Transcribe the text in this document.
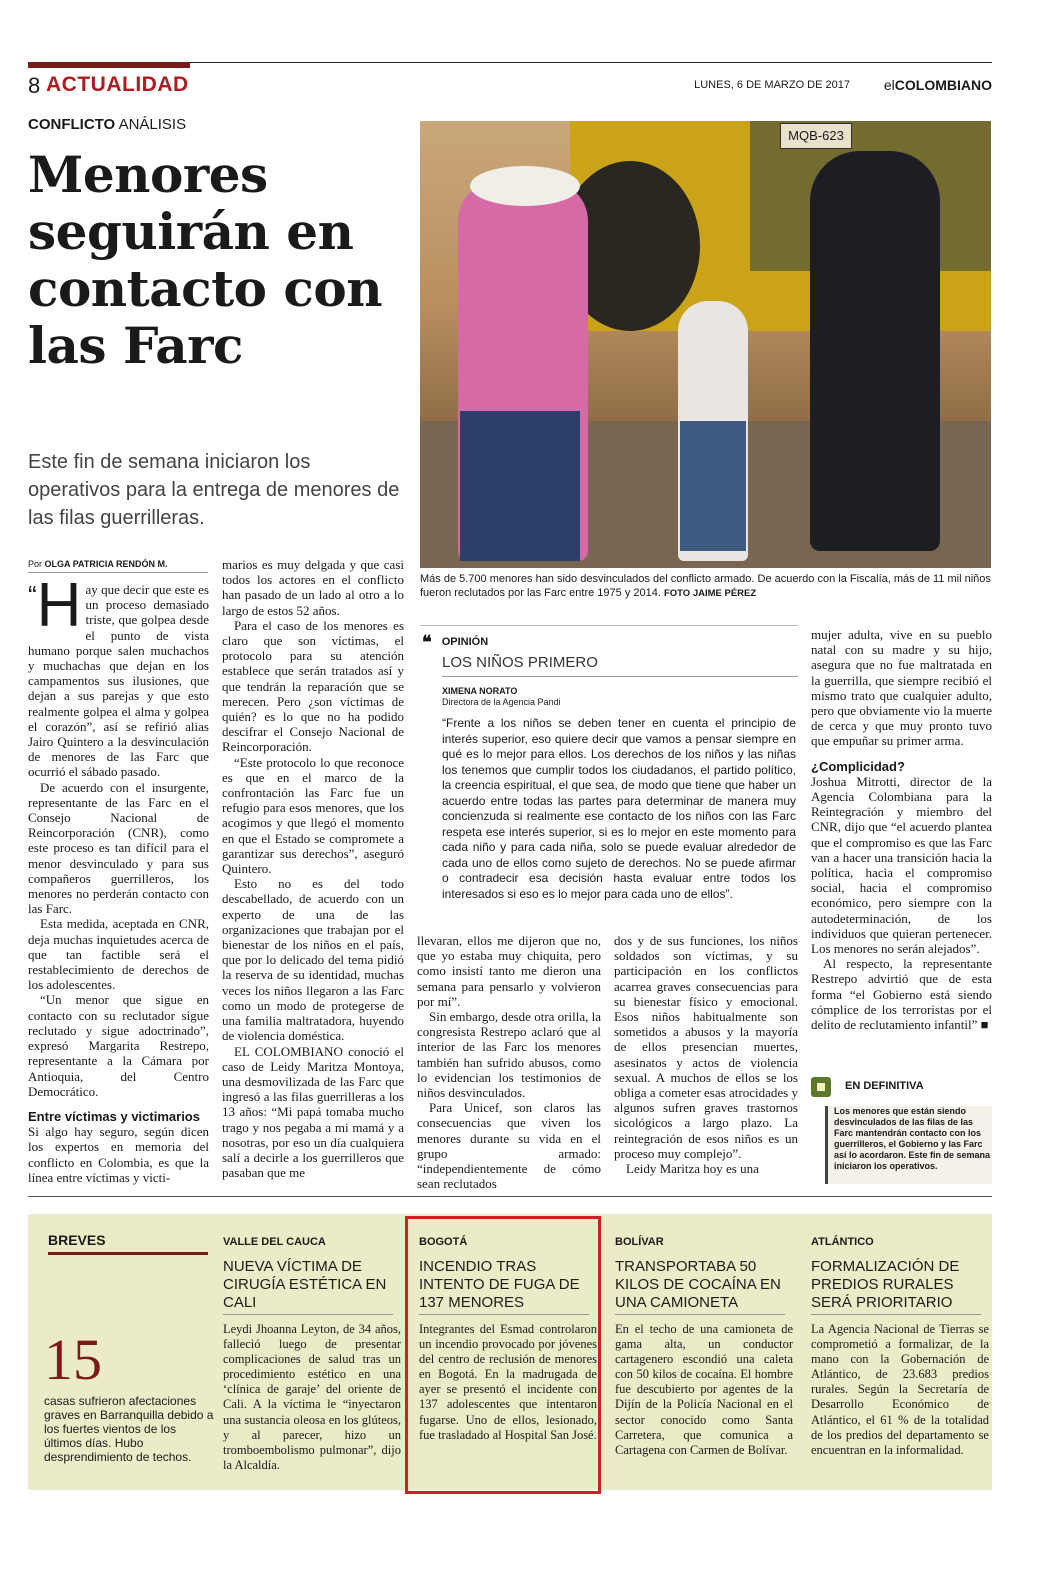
8 ACTUALIDAD	LUNES, 6 DE MARZO DE 2017 elCOLOMBIANO
CONFLICTO ANÁLISIS
Menores seguirán en contacto con las Farc
Este fin de semana iniciaron los operativos para la entrega de menores de las filas guerrilleras.
MQB-623
Más de 5.700 menores han sido desvinculados del conflicto armado. De acuerdo con la Fiscalía, más de 11 mil niños fueron reclutados por las Farc entre 1975 y 2014. FOTO JAIME PÉREZ
Por OLGA PATRICIA RENDÓN M.

“ H ay que decir que este es un proceso demasiado triste, que golpea desde el punto de vista humano porque salen muchachos y muchachas que dejan en los campamentos sus ilusiones, que dejan a sus parejas y que esto realmente golpea el alma y golpea el corazón”, así se refirió alias Jairo Quintero a la desvinculación de menores de las Farc que ocurrió el sábado pasado.

De acuerdo con el insurgente, representante de las Farc en el Consejo Nacional de Reincorporación (CNR), como este proceso es tan difícil para el menor desvinculado y para sus compañeros guerrilleros, los menores no perderán contacto con las Farc.

Esta medida, aceptada en CNR, deja muchas inquietudes acerca de que tan factible será el restablecimiento de derechos de los adolescentes.

“Un menor que sigue en contacto con su reclutador sigue reclutado y sigue adoctrinado”, expresó Margarita Restrepo, representante a la Cámara por Antioquia, del Centro Democrático.

Entre víctimas y victimarios

Si algo hay seguro, según dicen los expertos en memoria del conflicto en Colombia, es que la línea entre víctimas y victi-

marios es muy delgada y que casi todos los actores en el conflicto han pasado de un lado al otro a lo largo de estos 52 años.

Para el caso de los menores es claro que son víctimas, el protocolo para su atención establece que serán tratados así y que tendrán la reparación que se merecen. Pero ¿son víctimas de quién? es lo que no ha podido descifrar el Consejo Nacional de Reincorporación.

“Este protocolo lo que reconoce es que en el marco de la confrontación las Farc fue un refugio para esos menores, que los acogimos y que llegó el momento en que el Estado se compromete a garantizar sus derechos”, aseguró Quintero.

Esto no es del todo descabellado, de acuerdo con un experto de una de las organizaciones que trabajan por el bienestar de los niños en el país, que por lo delicado del tema pidió la reserva de su identidad, muchas veces los niños llegaron a las Farc como un modo de protegerse de una familia maltratadora, huyendo de violencia doméstica.

EL COLOMBIANO conoció el caso de Leidy Maritza Montoya, una desmovilizada de las Farc que ingresó a las filas guerrilleras a los 13 años: “Mi papá tomaba mucho trago y nos pegaba a mi mamá y a nosotras, por eso un día cualquiera salí a decirle a los guerrilleros que pasaban que me

❝ OPINIÓN
LOS NIÑOS PRIMERO
XIMENA NORATO
Directora de la Agencia Pandi
“Frente a los niños se deben tener en cuenta el principio de interés superior, eso quiere decir que vamos a pensar siempre en qué es lo mejor para ellos. Los derechos de los niños y las niñas los tenemos que cumplir todos los ciudadanos, el partido político, la creencia espiritual, el que sea, de modo que tiene que haber un acuerdo entre todas las partes para determinar de manera muy concienzuda si realmente ese contacto de los niños con las Farc respeta ese interés superior, si es lo mejor en este momento para cada niño y para cada niña, solo se puede evaluar alrededor de cada uno de ellos como sujeto de derechos. No se puede afirmar o contradecir esa decisión hasta evaluar entre todos los interesados si eso es lo mejor para cada uno de ellos”.

llevaran, ellos me dijeron que no, que yo estaba muy chiquita, pero como insistí tanto me dieron una semana para pensarlo y volvieron por mí”.

Sin embargo, desde otra orilla, la congresista Restrepo aclaró que al interior de las Farc los menores también han sufrido abusos, como lo evidencian los testimonios de niños desvinculados.

Para Unicef, son claros las consecuencias que viven los menores durante su vida en el grupo armado: “independientemente de cómo sean reclutados

dos y de sus funciones, los niños soldados son víctimas, y su participación en los conflictos acarrea graves consecuencias para su bienestar físico y emocional. Esos niños habitualmente son sometidos a abusos y la mayoría de ellos presencian muertes, asesinatos y actos de violencia sexual. A muchos de ellos se los obliga a cometer esas atrocidades y algunos sufren graves trastornos sicológicos a largo plazo. La reintegración de esos niños es un proceso muy complejo”.

Leidy Maritza hoy es una

mujer adulta, vive en su pueblo natal con su madre y su hijo, asegura que no fue maltratada en la guerrilla, que siempre recibió el mismo trato que cualquier adulto, pero que obviamente vio la muerte de cerca y que muy pronto tuvo que empuñar su primer arma.

¿Complicidad?

Joshua Mitrotti, director de la Agencia Colombiana para la Reintegración y miembro del CNR, dijo que “el acuerdo plantea que el compromiso es que las Farc van a hacer una transición hacia la política, hacia el compromiso social, hacia el compromiso económico, pero siempre con la autodeterminación, de los individuos que quieran pertenecer. Los menores no serán alejados”.

Al respecto, la representante Restrepo advirtió que de esta forma “el Gobierno está siendo cómplice de los terroristas por el delito de reclutamiento infantil” ■

EN DEFINITIVA
Los menores que están siendo desvinculados de las filas de las Farc mantendrán contacto con los guerrilleros, el Gobierno y las Farc así lo acordaron. Este fin de semana iniciaron los operativos.
BREVES
15
casas sufrieron afectaciones graves en Barranquilla debido a los fuertes vientos de los últimos días. Hubo desprendimiento de techos.
VALLE DEL CAUCA
NUEVA VÍCTIMA DE CIRUGÍA ESTÉTICA EN CALI
Leydi Jhoanna Leyton, de 34 años, falleció luego de presentar complicaciones de salud tras un procedimiento estético en una ‘clínica de garaje’ del oriente de Cali. A la víctima le “inyectaron una sustancia oleosa en los glúteos, y al parecer, hizo un tromboembolismo pulmonar”, dijo la Alcaldía.
BOGOTÁ
INCENDIO TRAS INTENTO DE FUGA DE 137 MENORES
Integrantes del Esmad controlaron un incendio provocado por jóvenes del centro de reclusión de menores en Bogotá. En la madrugada de ayer se presentó el incidente con 137 adolescentes que intentaron fugarse. Uno de ellos, lesionado, fue trasladado al Hospital San José.
BOLÍVAR
TRANSPORTABA 50 KILOS DE COCAÍNA EN UNA CAMIONETA
En el techo de una camioneta de gama alta, un conductor cartagenero escondió una caleta con 50 kilos de cocaína. El hombre fue descubierto por agentes de la Dijín de la Policía Nacional en el sector conocido como Santa Carretera, que comunica a Cartagena con Carmen de Bolívar.
ATLÁNTICO
FORMALIZACIÓN DE PREDIOS RURALES SERÁ PRIORITARIO
La Agencia Nacional de Tierras se comprometió a formalizar, de la mano con la Gobernación de Atlántico, de 23.683 predios rurales. Según la Secretaría de Desarrollo Económico de Atlántico, el 61 % de la totalidad de los predios del departamento se encuentran en la informalidad.
